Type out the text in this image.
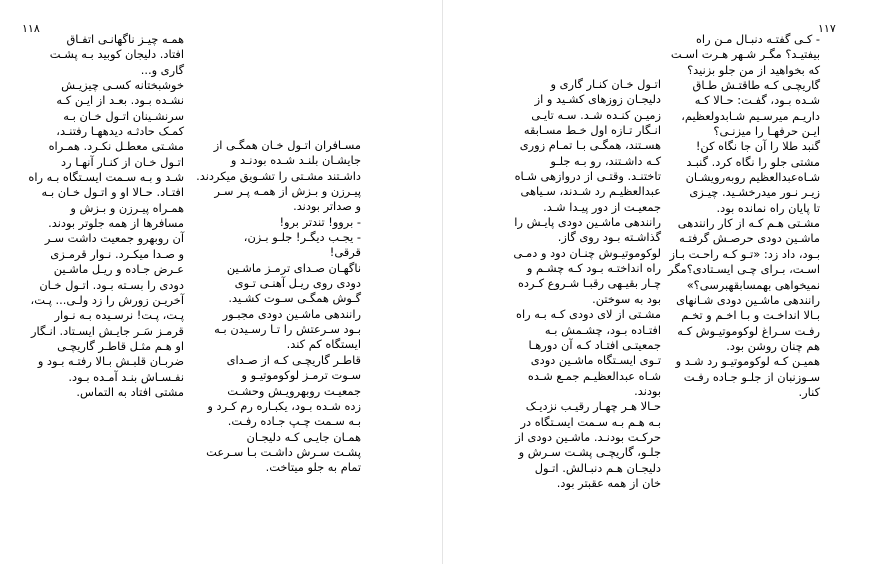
۱۱۸	۱۱۷
همـه چیـز ناگهانـی اتفـاق
افتاد. دلیجان کوبید بـه پشـت
گاری و...
خوشبختانه کسـی چیزیـش
نشـده بـود. بعـد از ایـن کـه
سرنشـینان اتـول خـان بـه
کمـک حادثـه دیدههـا رفتنـد،
مشـتی معطـل نکـرد. همـراه
اتـول خـان از کنـار آنهـا رد
شـد و بـه سـمت ایسـتگاه بـه راه
افتـاد. حـالا او و اتـول خـان بـه
همـراه پیـرزن و بـزش و
مسافرها از همه جلوتر بودند.
آن روبهرو جمعیت داشت سـر
و صـدا میکـرد. نـوار قرمـزی
عـرض جـاده و ریـل ماشـین
دودی را بسـته بـود. اتـول خـان
آخریـن زورش را زد ولـی... پـت،
پـت، پـت! نرسـیده بـه نـوار
قرمـز سَـر جایـش ایسـتاد. انـگار
او هـم مثـل قاطـر گاریچـی
ضربـان قلبـش بـالا رفتـه بـود و
نفـسـاش بنـد آمـده بـود.
مشتی افتاد به التماس.
مسـافران اتـول خـان همگـی از
جایشـان بلنـد شـده بودنـد و
داشـتند مشـتی را تشـویق میکردند.
پیـرزن و بـزش از همـه پـر سـر
و صداتر بودند.
- بروو! تندتر برو!
- یجـب دیگـر! جلـو بـزن،
قرقی!
ناگهـان صـدای ترمـز ماشـین
دودی روی ریـل آهنـی تـوی
گـوش همگـی سـوت کشـید.
رانندهی ماشـین دودی مجبـور
بـود سـرعتش را تـا رسـیدن بـه
ایستگاه کم کند.
قاطـر گاریچـی کـه از صـدای
سـوت ترمـز لوکوموتیـو و
جمعیـت روبهرویـش وحشـت
زده شـده بـود، یکبـاره رم کـرد و
بـه سـمت چـپ جـاده رفـت.
همـان جایـی کـه دلیجـان
پشـت سـرش داشـت بـا سـرعت
تمام به جلو میتاخت.
اتـول خـان کنـار گاری و
دلیجـان زوزهای کشـید و از
زمیـن کنـده شـد. سـه تایـی
انـگار تـازه اول خـط مسـابقه
هسـتند، همگـی بـا تمـام زوری
کـه داشـتند، رو بـه جلـو
تاختنـد. وقتـی از دروازهی شـاه
عبدالعظیـم رد شـدند، سـیاهی
جمعیـت از دور پیـدا شـد.
رانندهی ماشـین دودی پایـش را
گذاشـته بـود روی گاز.
لوکوموتیـوش چنـان دود و دمـی
راه انداختـه بـود کـه چشـم و
چـار بقیـهی رقبـا شـروع کـرده
بود به سوختن.
مشـتی از لای دودی کـه بـه راه
افتـاده بـود، چشـمش بـه
جمعیتـی افتـاد کـه آن دورهـا
تـوی ایسـتگاه ماشـین دودی
شـاه عبدالعظیـم جمـع شـده
بودند.
حـالا هـر چهـار رقیـب نزدیـک
بـه هـم بـه سـمت ایسـتگاه در
حرکـت بودنـد. ماشـین دودی از
جلـو، گاریچـی پشـت سـرش و
دلیجـان هـم دنبـالش. اتـول
خان از همه عقبتر بود.
- کـی گفتـه دنبـال مـن راه
بیفتیـد؟ مگـر شـهر هـرت اسـت
که بخواهید از من جلو بزنید؟
گاریچـی کـه طاقتـش طـاق
شـده بـود، گفـت: حـالا کـه
داریـم میرسـیم شـابدولعظیم،
ایـن حرفهـا را میزنـی؟
گنبد طلا را آن جا نگاه کن!
مشتی جلو را نگاه کرد. گنبـد
شـاه‌عبدالعظیم روبه‌رویشـان
زیـر نـور میدرخشـید. چیـزی
تا پایان راه نمانده بود.
مشـتی هـم کـه از کار رانندهی
ماشـین دودی حرصـش گرفتـه
بـود، داد زد: «تـو کـه راحـت بـاز
اسـت، بـرای چـی ایسـتادی؟مگر
نمیخواهی بهمسابقهبرسی؟»
رانندهی ماشـین دودی شـانهای
بـالا انداخـت و بـا اخـم و تخـم
رفـت سـراغ لوکوموتیـوش کـه
هم چنان روشن بود.
همیـن کـه لوکوموتیـو رد شـد و
سـوزنبان از جلـو جـاده رفـت
کنار.
